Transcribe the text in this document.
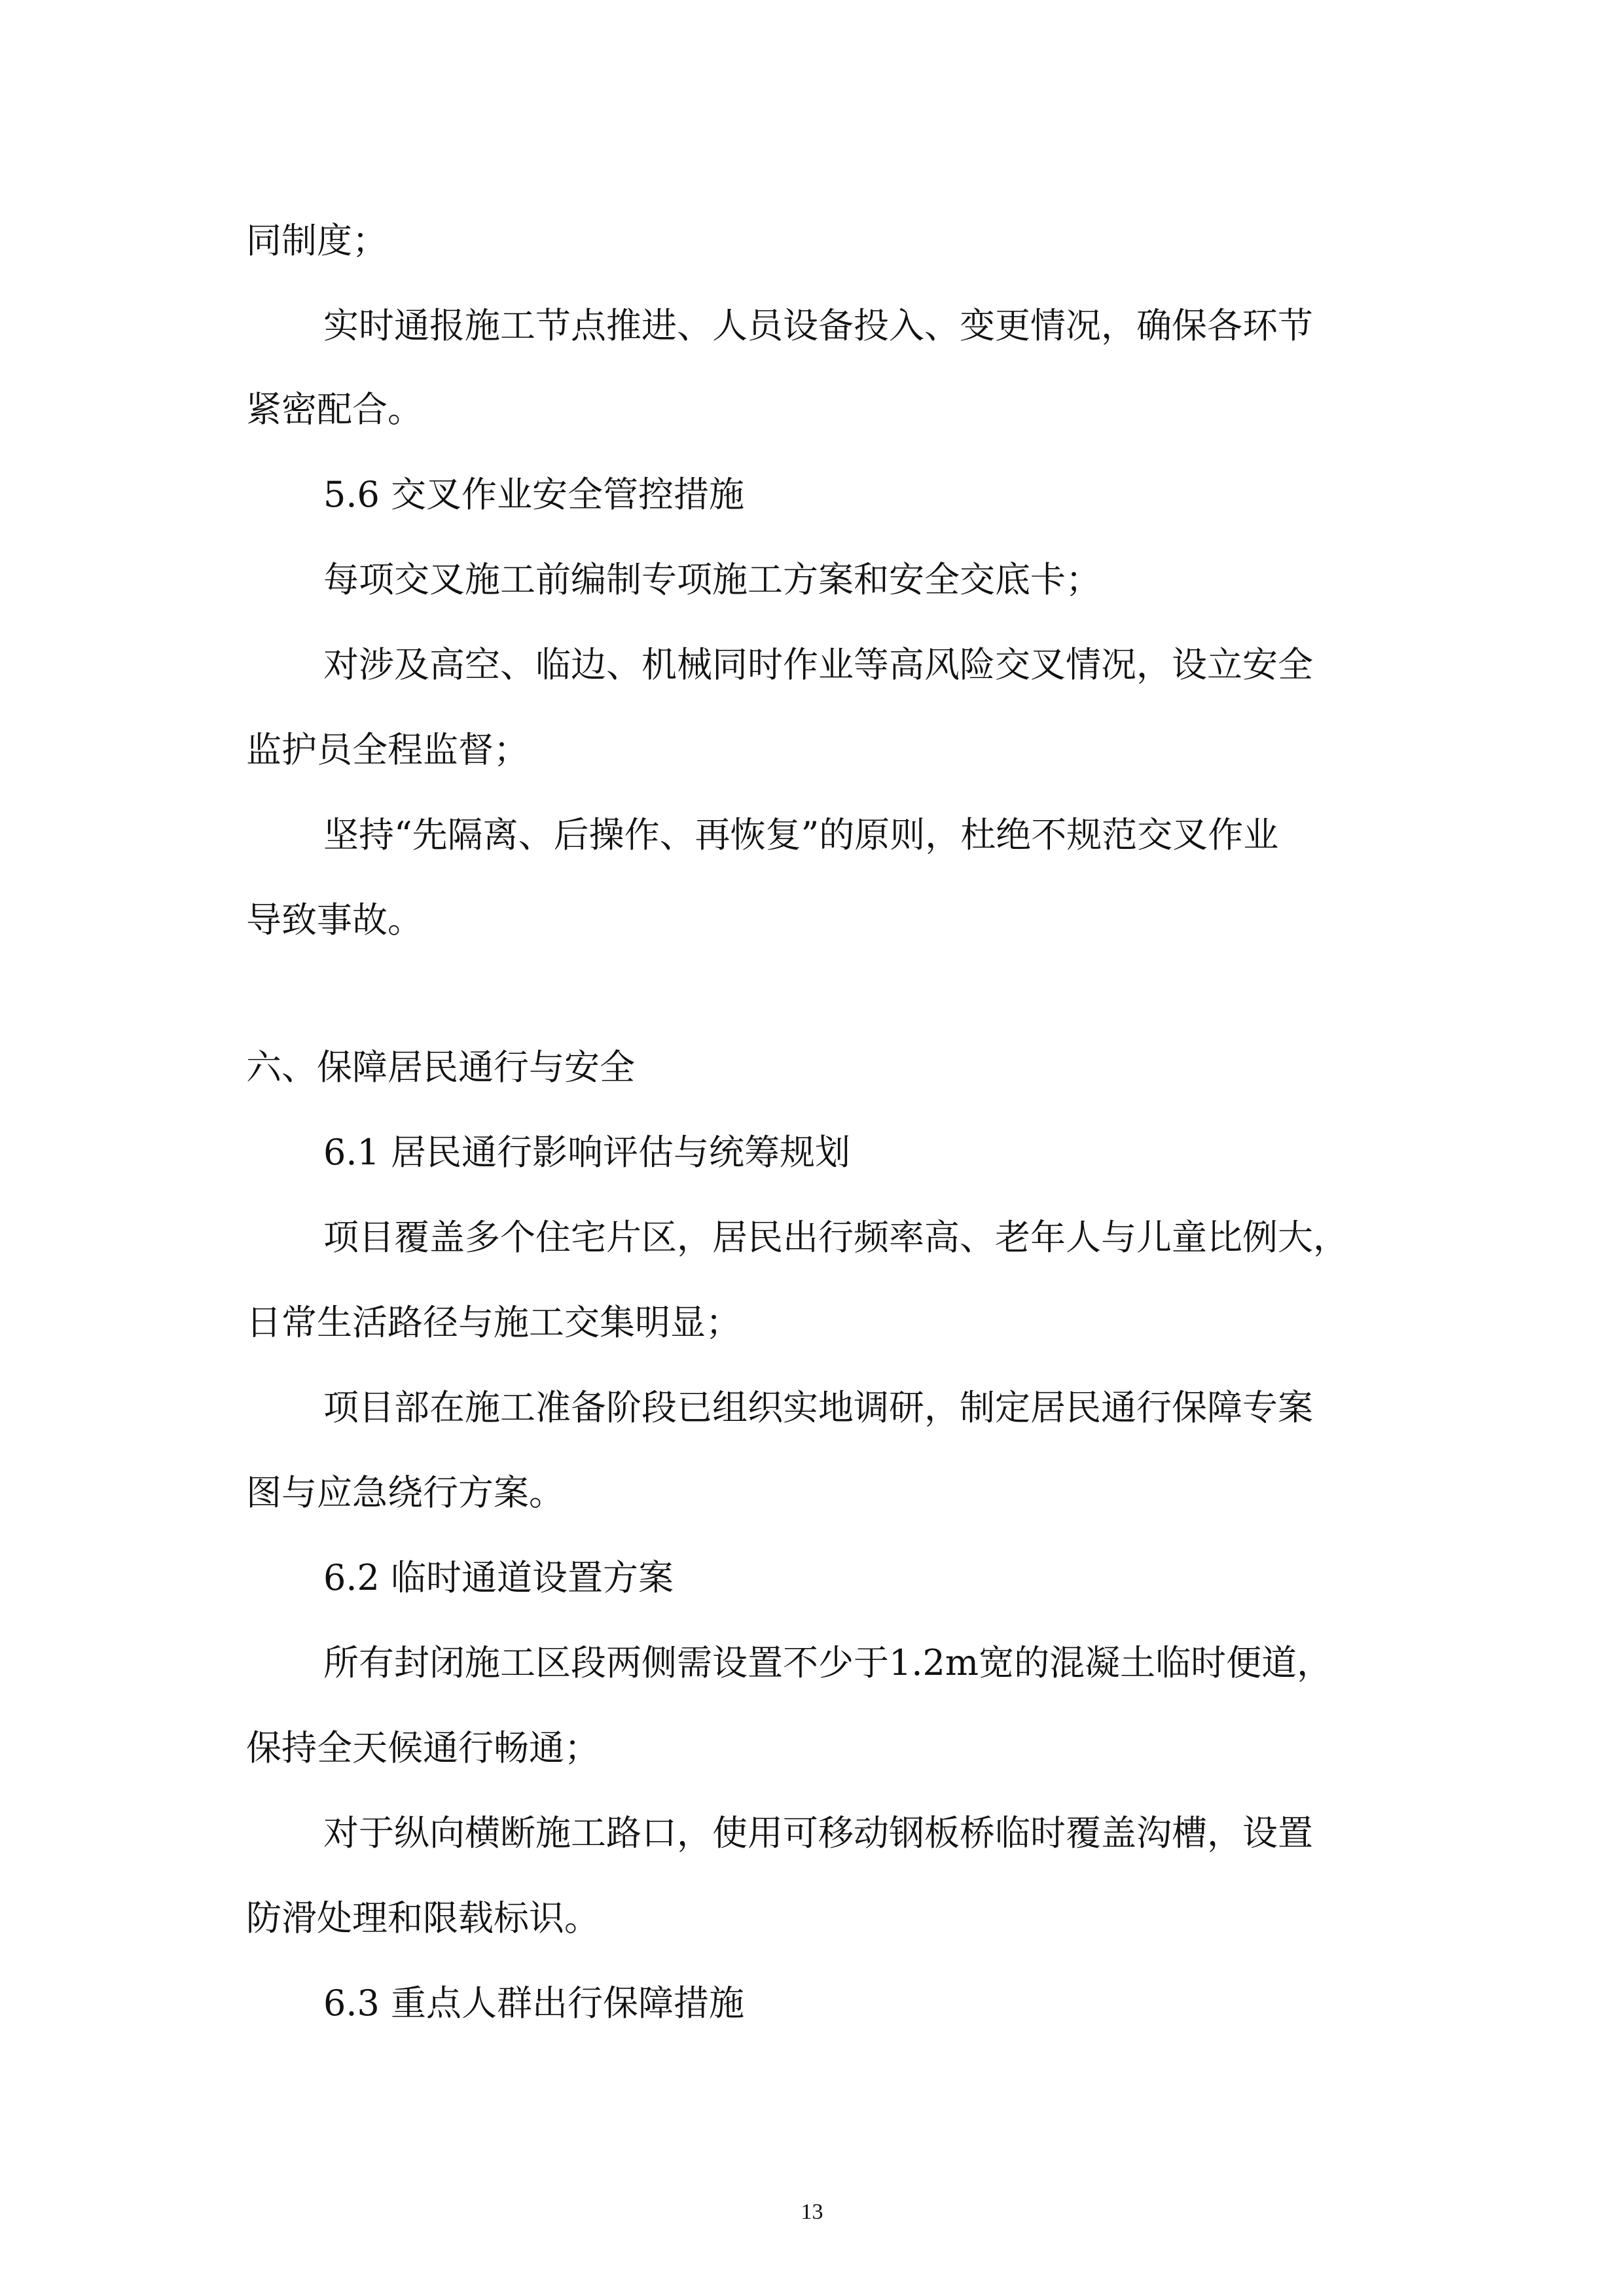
同制度；
实时通报施工节点推进、人员设备投入、变更情况，确保各环节
紧密配合。
5.6 交叉作业安全管控措施
每项交叉施工前编制专项施工方案和安全交底卡；
对涉及高空、临边、机械同时作业等高风险交叉情况，设立安全
监护员全程监督；
坚持“先隔离、后操作、再恢复”的原则，杜绝不规范交叉作业
导致事故。
六、保障居民通行与安全
6.1 居民通行影响评估与统筹规划
项目覆盖多个住宅片区，居民出行频率高、老年人与儿童比例大，
日常生活路径与施工交集明显；
项目部在施工准备阶段已组织实地调研，制定居民通行保障专案
图与应急绕行方案。
6.2 临时通道设置方案
所有封闭施工区段两侧需设置不少于1.2m宽的混凝土临时便道，
保持全天候通行畅通；
对于纵向横断施工路口，使用可移动钢板桥临时覆盖沟槽，设置
防滑处理和限载标识。
6.3 重点人群出行保障措施
13
